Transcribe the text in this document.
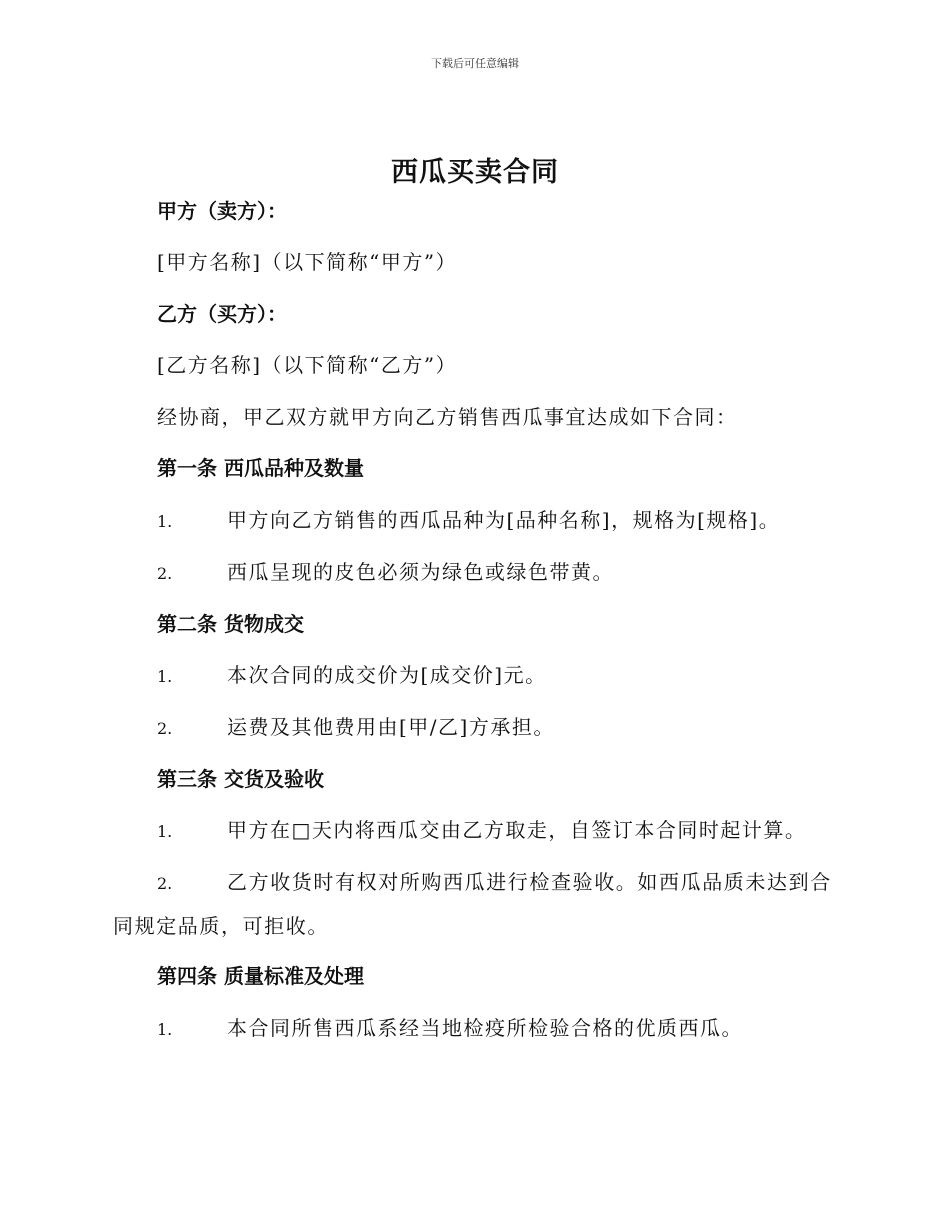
下载后可任意编辑
西瓜买卖合同
甲方（卖方）：
[甲方名称]（以下简称“甲方”）
乙方（买方）：
[乙方名称]（以下简称“乙方”）
经协商，甲乙双方就甲方向乙方销售西瓜事宜达成如下合同：
第一条 西瓜品种及数量
1.	甲方向乙方销售的西瓜品种为[品种名称]，规格为[规格]。
2.	西瓜呈现的皮色必须为绿色或绿色带黄。
第二条 货物成交
1.	本次合同的成交价为[成交价]元。
2.	运费及其他费用由[甲/乙]方承担。
第三条 交货及验收
1.	甲方在□天内将西瓜交由乙方取走，自签订本合同时起计算。
2.	乙方收货时有权对所购西瓜进行检查验收。如西瓜品质未达到合同规定品质，可拒收。
第四条 质量标准及处理
1.	本合同所售西瓜系经当地检疫所检验合格的优质西瓜。
